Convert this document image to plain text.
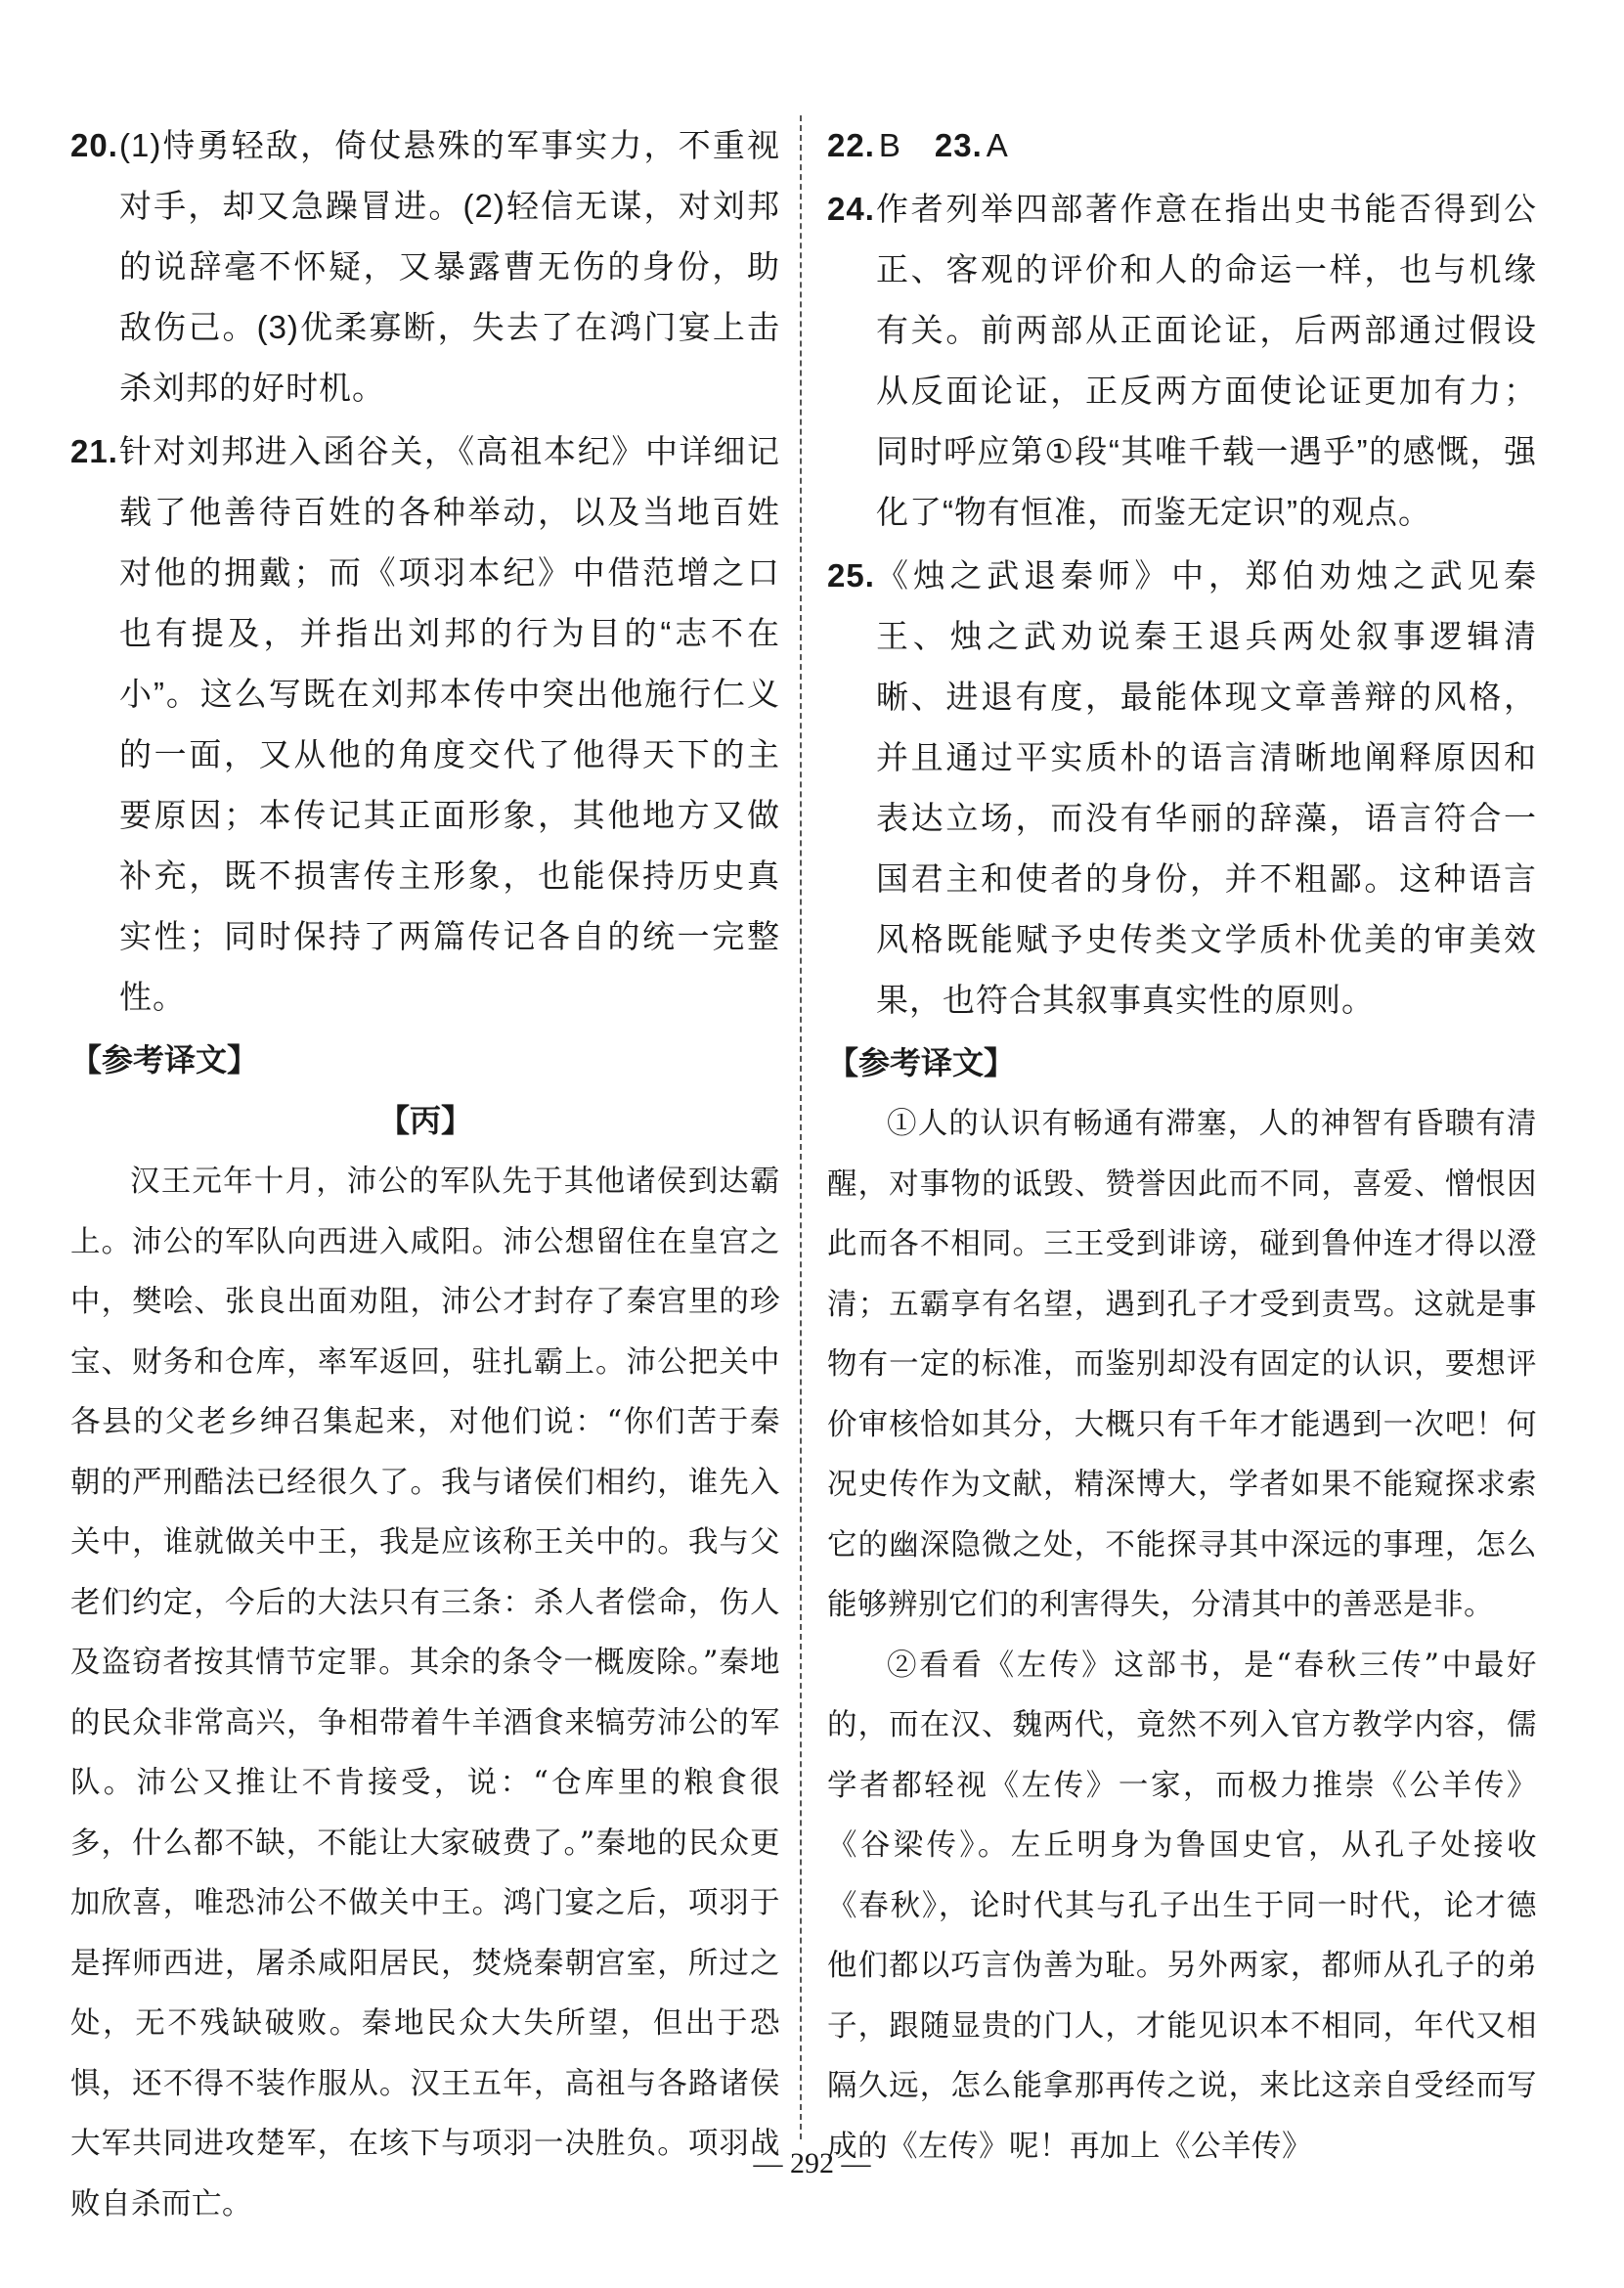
20. (1)恃勇轻敌，倚仗悬殊的军事实力，不重视对手，却又急躁冒进。(2)轻信无谋，对刘邦的说辞毫不怀疑，又暴露曹无伤的身份，助敌伤己。(3)优柔寡断，失去了在鸿门宴上击杀刘邦的好时机。
21. 针对刘邦进入函谷关，《高祖本纪》中详细记载了他善待百姓的各种举动，以及当地百姓对他的拥戴；而《项羽本纪》中借范增之口也有提及，并指出刘邦的行为目的“志不在小”。这么写既在刘邦本传中突出他施行仁义的一面，又从他的角度交代了他得天下的主要原因；本传记其正面形象，其他地方又做补充，既不损害传主形象，也能保持历史真实性；同时保持了两篇传记各自的统一完整性。
【参考译文】
【丙】

汉王元年十月，沛公的军队先于其他诸侯到达霸上。沛公的军队向西进入咸阳。沛公想留住在皇宫之中，樊哙、张良出面劝阻，沛公才封存了秦宫里的珍宝、财务和仓库，率军返回，驻扎霸上。沛公把关中各县的父老乡绅召集起来，对他们说：“你们苦于秦朝的严刑酷法已经很久了。我与诸侯们相约，谁先入关中，谁就做关中王，我是应该称王关中的。我与父老们约定，今后的大法只有三条：杀人者偿命，伤人及盗窃者按其情节定罪。其余的条令一概废除。”秦地的民众非常高兴，争相带着牛羊酒食来犒劳沛公的军队。沛公又推让不肯接受，说：“仓库里的粮食很多，什么都不缺，不能让大家破费了。”秦地的民众更加欣喜，唯恐沛公不做关中王。鸿门宴之后，项羽于是挥师西进，屠杀咸阳居民，焚烧秦朝宫室，所过之处，无不残缺破败。秦地民众大失所望，但出于恐惧，还不得不装作服从。汉王五年，高祖与各路诸侯大军共同进攻楚军，在垓下与项羽一决胜负。项羽战败自杀而亡。

22. B 23. A
24. 作者列举四部著作意在指出史书能否得到公正、客观的评价和人的命运一样，也与机缘有关。前两部从正面论证，后两部通过假设从反面论证，正反两方面使论证更加有力；同时呼应第①段“其唯千载一遇乎”的感慨，强化了“物有恒准，而鉴无定识”的观点。
25. 《烛之武退秦师》中，郑伯劝烛之武见秦王、烛之武劝说秦王退兵两处叙事逻辑清晰、进退有度，最能体现文章善辩的风格，并且通过平实质朴的语言清晰地阐释原因和表达立场，而没有华丽的辞藻，语言符合一国君主和使者的身份，并不粗鄙。这种语言风格既能赋予史传类文学质朴优美的审美效果，也符合其叙事真实性的原则。
【参考译文】

①人的认识有畅通有滞塞，人的神智有昏聩有清醒，对事物的诋毁、赞誉因此而不同，喜爱、憎恨因此而各不相同。三王受到诽谤，碰到鲁仲连才得以澄清；五霸享有名望，遇到孔子才受到责骂。这就是事物有一定的标准，而鉴别却没有固定的认识，要想评价审核恰如其分，大概只有千年才能遇到一次吧！何况史传作为文献，精深博大，学者如果不能窥探求索它的幽深隐微之处，不能探寻其中深远的事理，怎么能够辨别它们的利害得失，分清其中的善恶是非。

②看看《左传》这部书，是“春秋三传”中最好的，而在汉、魏两代，竟然不列入官方教学内容，儒学者都轻视《左传》一家，而极力推崇《公羊传》《谷梁传》。左丘明身为鲁国史官，从孔子处接收《春秋》，论时代其与孔子出生于同一时代，论才德他们都以巧言伪善为耻。另外两家，都师从孔子的弟子，跟随显贵的门人，才能见识本不相同，年代又相隔久远，怎么能拿那再传之说，来比这亲自受经而写成的《左传》呢！再加上《公羊传》

— 292 —
